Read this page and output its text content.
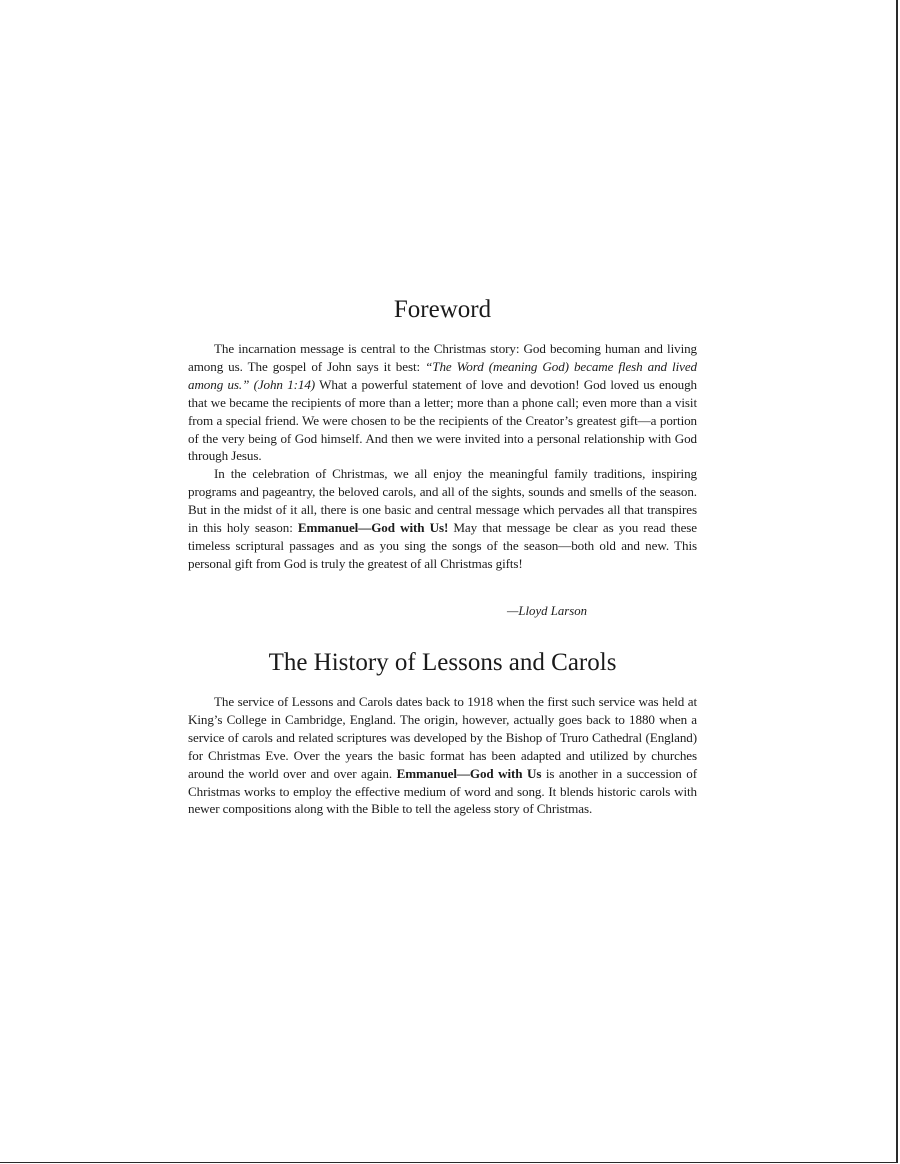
Foreword

The incarnation message is central to the Christmas story: God becoming human and living among us. The gospel of John says it best: “The Word (meaning God) became flesh and lived among us.” (John 1:14) What a powerful statement of love and devotion! God loved us enough that we became the recipients of more than a letter; more than a phone call; even more than a visit from a special friend. We were chosen to be the recipients of the Creator’s greatest gift—a portion of the very being of God himself. And then we were invited into a personal relationship with God through Jesus.

In the celebration of Christmas, we all enjoy the meaningful family traditions, inspiring programs and pageantry, the beloved carols, and all of the sights, sounds and smells of the season. But in the midst of it all, there is one basic and central message which pervades all that transpires in this holy season: Emmanuel—God with Us! May that message be clear as you read these timeless scriptural passages and as you sing the songs of the season—both old and new. This personal gift from God is truly the greatest of all Christmas gifts!

—Lloyd Larson
The History of Lessons and Carols

The service of Lessons and Carols dates back to 1918 when the first such service was held at King’s College in Cambridge, England. The origin, however, actually goes back to 1880 when a service of carols and related scriptures was developed by the Bishop of Truro Cathedral (England) for Christmas Eve. Over the years the basic format has been adapted and utilized by churches around the world over and over again. Emmanuel—God with Us is another in a succession of Christmas works to employ the effective medium of word and song. It blends historic carols with newer compositions along with the Bible to tell the ageless story of Christmas.
